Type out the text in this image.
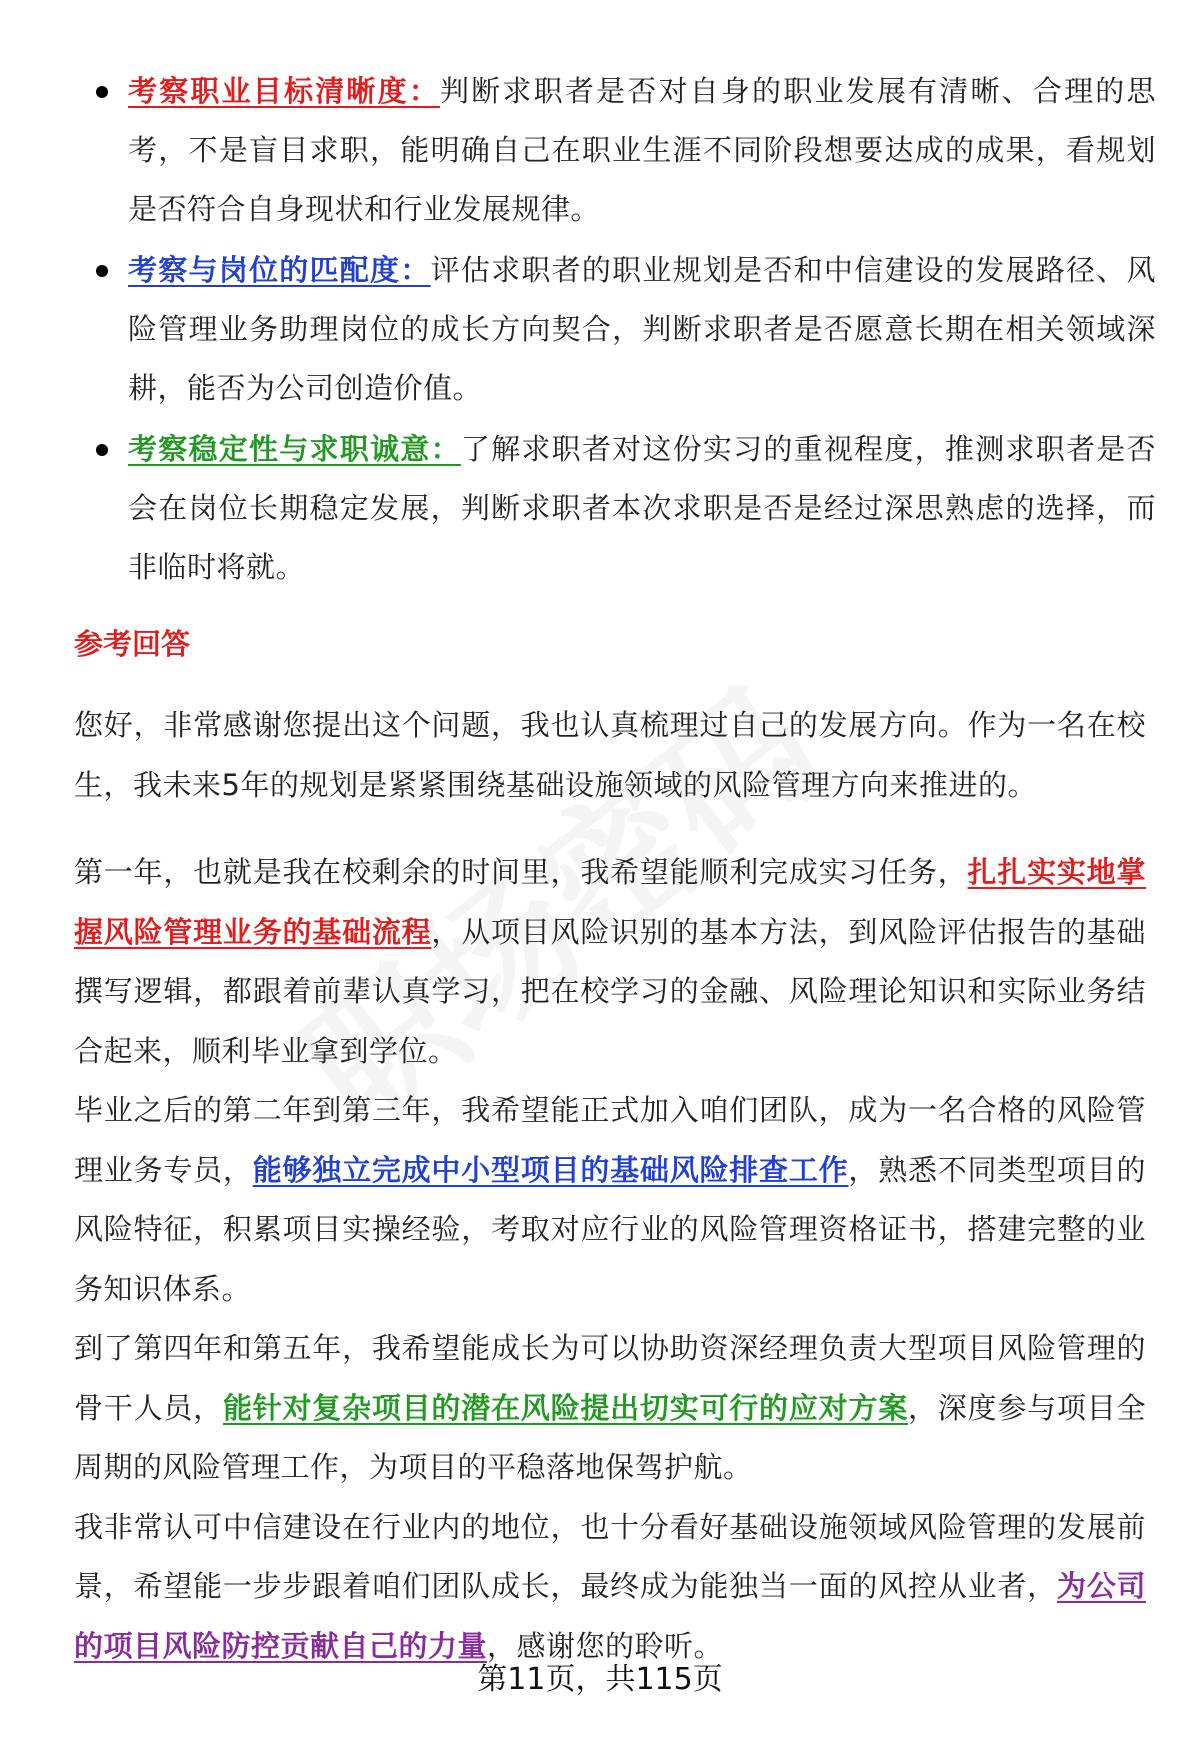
考察职业目标清晰度：判断求职者是否对自身的职业发展有清晰、合理的思考，不是盲目求职，能明确自己在职业生涯不同阶段想要达成的成果，看规划是否符合自身现状和行业发展规律。
考察与岗位的匹配度：评估求职者的职业规划是否和中信建设的发展路径、风险管理业务助理岗位的成长方向契合，判断求职者是否愿意长期在相关领域深耕，能否为公司创造价值。
考察稳定性与求职诚意：了解求职者对这份实习的重视程度，推测求职者是否会在岗位长期稳定发展，判断求职者本次求职是否是经过深思熟虑的选择，而非临时将就。
参考回答

您好，非常感谢您提出这个问题，我也认真梳理过自己的发展方向。作为一名在校生，我未来5年的规划是紧紧围绕基础设施领域的风险管理方向来推进的。

第一年，也就是我在校剩余的时间里，我希望能顺利完成实习任务，扎扎实实地掌握风险管理业务的基础流程，从项目风险识别的基本方法，到风险评估报告的基础撰写逻辑，都跟着前辈认真学习，把在校学习的金融、风险理论知识和实际业务结合起来，顺利毕业拿到学位。

毕业之后的第二年到第三年，我希望能正式加入咱们团队，成为一名合格的风险管理业务专员，能够独立完成中小型项目的基础风险排查工作，熟悉不同类型项目的风险特征，积累项目实操经验，考取对应行业的风险管理资格证书，搭建完整的业务知识体系。

到了第四年和第五年，我希望能成长为可以协助资深经理负责大型项目风险管理的骨干人员，能针对复杂项目的潜在风险提出切实可行的应对方案，深度参与项目全周期的风险管理工作，为项目的平稳落地保驾护航。

我非常认可中信建设在行业内的地位，也十分看好基础设施领域风险管理的发展前景，希望能一步步跟着咱们团队成长，最终成为能独当一面的风控从业者，为公司的项目风险防控贡献自己的力量，感谢您的聆听。

第11页，共115页
